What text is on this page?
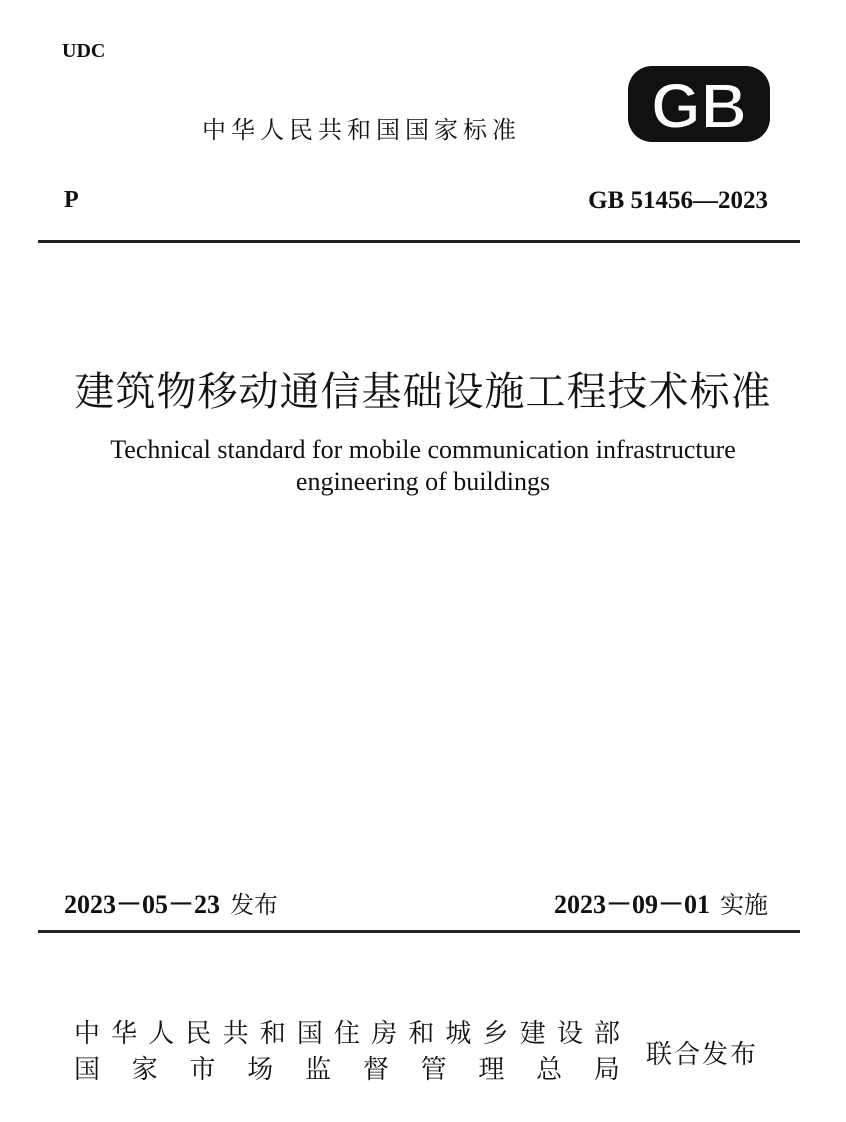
UDC
中华人民共和国国家标准 GB
P	GB 51456—2023
建筑物移动通信基础设施工程技术标准
Technical standard for mobile communication infrastructure
engineering of buildings
2023－05－23 发布	2023－09－01 实施
中 华 人 民 共 和 国 住 房 和 城 乡 建 设 部
国 家 市 场 监 督 管 理 总 局 联合发布
